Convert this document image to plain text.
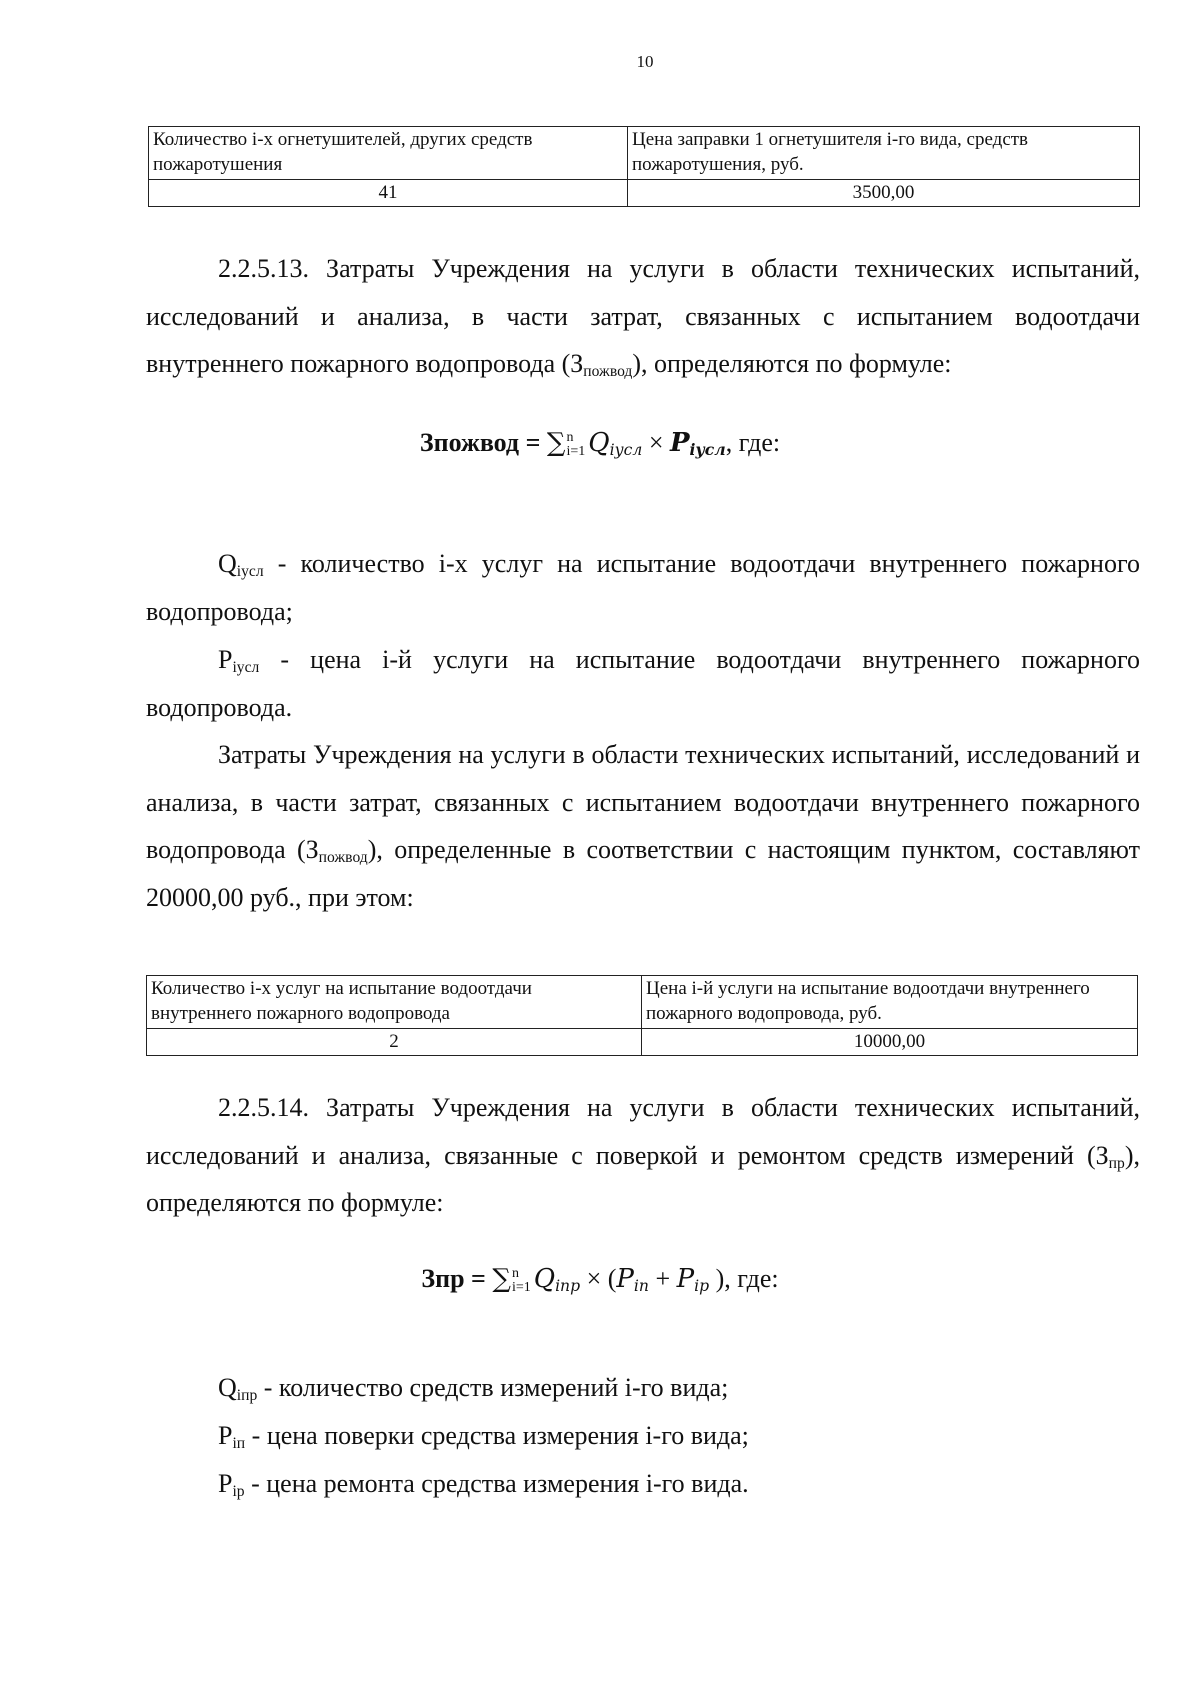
10
Количество i-х огнетушителей, других средств пожаротушения	Цена заправки 1 огнетушителя i-го вида, средств пожаротушения, руб.
41	3500,00

2.2.5.13. Затраты Учреждения на услуги в области технических испытаний, исследований и анализа, в части затрат, связанных с испытанием водоотдачи внутреннего пожарного водопровода $(З_{пожвод})$, определяются по формуле:

Зпожвод = ∑ n
i=1 $Q_{iусл} \times P_{iусл}$, где:

$Q_{iусл}$ - количество i-х услуг на испытание водоотдачи внутреннего пожарного водопровода;

$P_{iусл}$ - цена i-й услуги на испытание водоотдачи внутреннего пожарного водопровода.

Затраты Учреждения на услуги в области технических испытаний, исследований и анализа, в части затрат, связанных с испытанием водоотдачи внутреннего пожарного водопровода $(З_{пожвод})$, определенные в соответствии с настоящим пунктом, составляют 20000,00 руб., при этом:

Количество i-х услуг на испытание водоотдачи внутреннего пожарного водопровода	Цена i-й услуги на испытание водоотдачи внутреннего пожарного водопровода, руб.
2	10000,00

2.2.5.14. Затраты Учреждения на услуги в области технических испытаний, исследований и анализа, связанные с поверкой и ремонтом средств измерений $(З_{пр})$, определяются по формуле:

Зпр = ∑ n
i=1 $Q_{iпр} \times (P_{iп} + P_{iр}$ ), где:

$Q_{iпр}$ - количество средств измерений i-го вида;

$P_{iп}$ - цена поверки средства измерения i-го вида;

$P_{iр}$ - цена ремонта средства измерения i-го вида.
